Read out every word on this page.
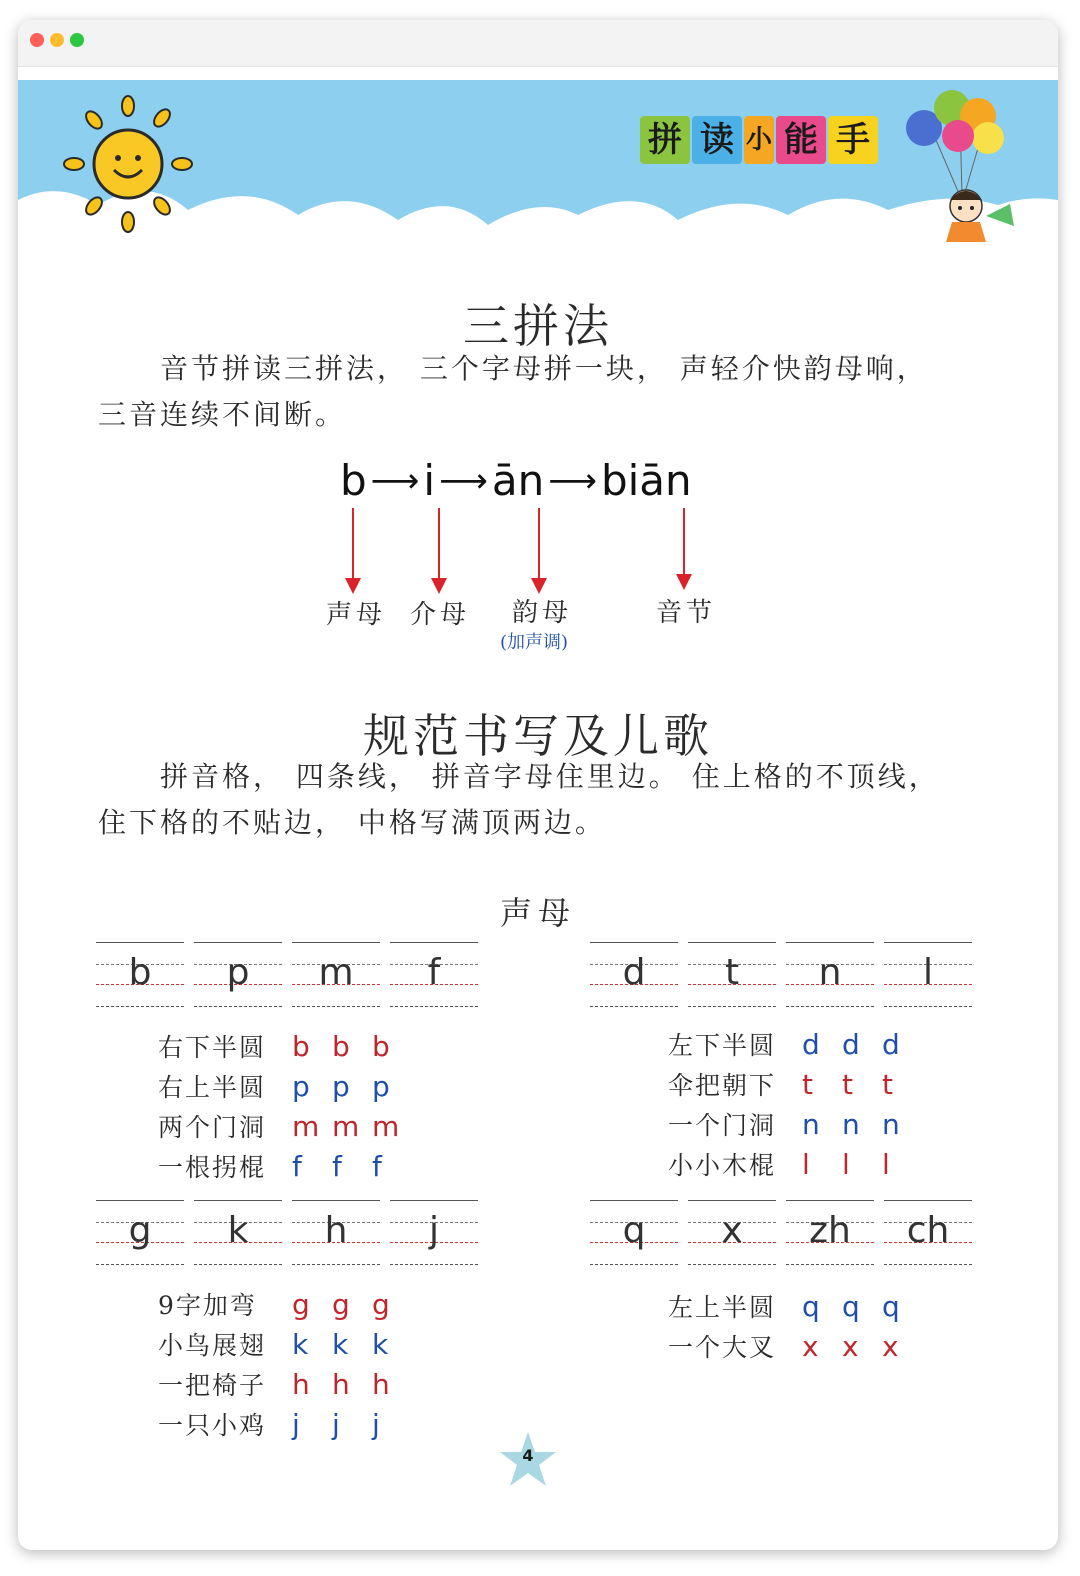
拼 读 小 能 手
三拼法
音节拼读三拼法， 三个字母拼一块， 声轻介快韵母响，
三音连续不间断。
b ⟶ i ⟶ ān ⟶ biān
声母 介母 韵母
(加声调)
音节
规范书写及儿歌
拼音格， 四条线， 拼音字母住里边。 住上格的不顶线，
住下格的不贴边， 中格写满顶两边。
声母
b	p	m	f	d	t	n	l
g	k	h	j	q	x	zh	ch
右下半圆 b b b
右上半圆 p p p
两个门洞 m m m
一根拐棍 f	f	f
左下半圆 d d d
伞把朝下 t	t	t
一个门洞 n n n
小小木棍 l	l	l
9字加弯	g g g
小鸟展翅 k k k
一把椅子 h h h
一只小鸡 j	j	j
左上半圆 q q q
一个大叉 x x x
4
